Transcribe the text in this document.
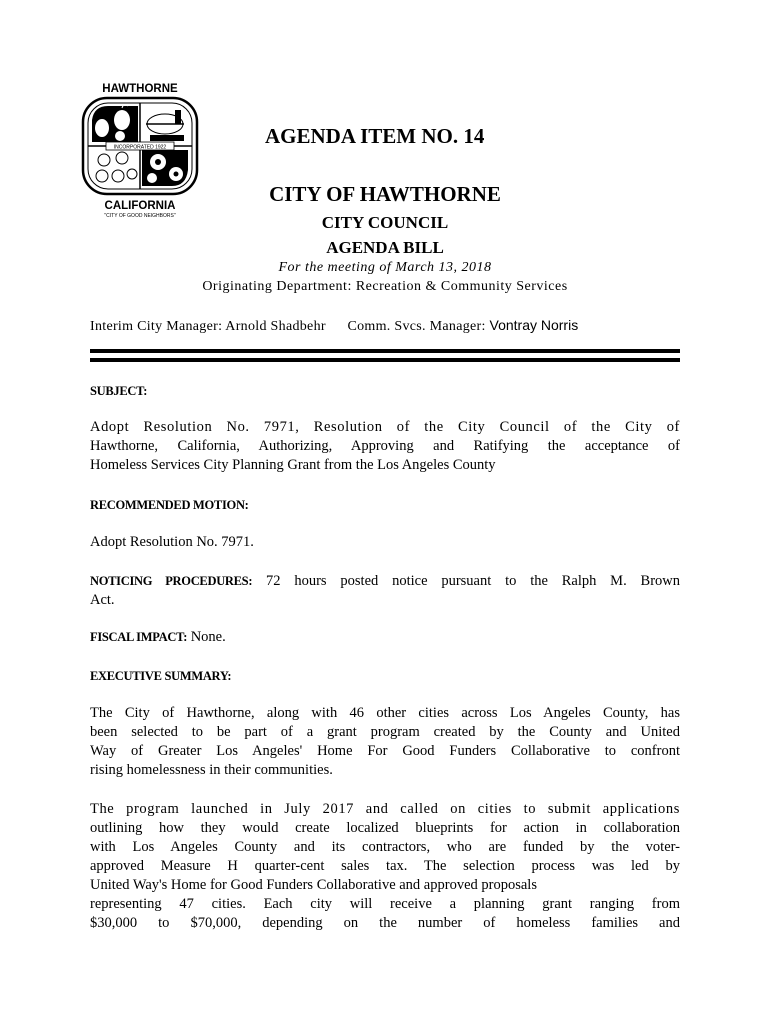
HAWTHORNE
INCORPORATED 1922
CALIFORNIA
"CITY OF GOOD NEIGHBORS"
AGENDA ITEM NO. 14
CITY OF HAWTHORNE
CITY COUNCIL
AGENDA BILL
For the meeting of March 13, 2018
Originating Department: Recreation & Community Services
Interim City Manager: Arnold Shadbehr Comm. Svcs. Manager: Vontray Norris
SUBJECT:
Adopt Resolution No. 7971, Resolution of the City Council of the City of
Hawthorne, California, Authorizing, Approving and Ratifying the acceptance of
Homeless Services City Planning Grant from the Los Angeles County
RECOMMENDED MOTION:
Adopt Resolution No. 7971.
NOTICING PROCEDURES: 72 hours posted notice pursuant to the Ralph M. Brown
Act.
FISCAL IMPACT: None.
EXECUTIVE SUMMARY:
The City of Hawthorne, along with 46 other cities across Los Angeles County, has
been selected to be part of a grant program created by the County and United
Way of Greater Los Angeles' Home For Good Funders Collaborative to confront
rising homelessness in their communities.
The program launched in July 2017 and called on cities to submit applications
outlining how they would create localized blueprints for action in collaboration
with Los Angeles County and its contractors, who are funded by the voter-
approved Measure H quarter-cent sales tax. The selection process was led by
United Way's Home for Good Funders Collaborative and approved proposals
representing 47 cities. Each city will receive a planning grant ranging from
$30,000 to $70,000, depending on the number of homeless families and
